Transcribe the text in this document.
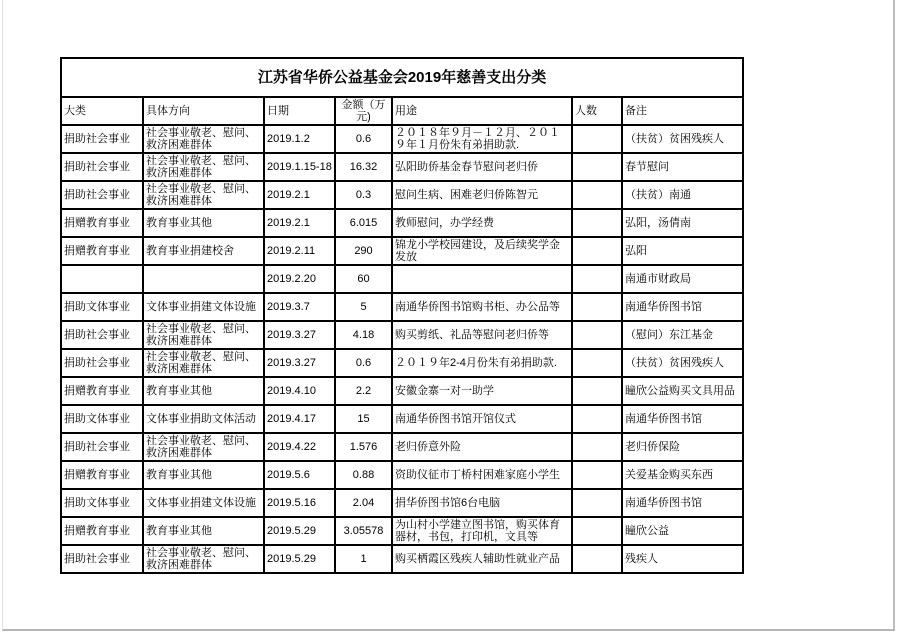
江苏省华侨公益基金会2019年慈善支出分类						
大类	具体方向	日期	金额（万元)	用途	人数	备注
捐助社会事业	社会事业敬老、慰问、救济困难群体	2019.1.2	0.6	２０１８年９月－１２月、２０１９年１月份朱有弟捐助款.		（扶贫）贫困残疾人
捐助社会事业	社会事业敬老、慰问、救济困难群体	2019.1.15-18	16.32	弘阳助侨基金春节慰问老归侨		春节慰问
捐助社会事业	社会事业敬老、慰问、救济困难群体	2019.2.1	0.3	慰问生病、困难老归侨陈智元		（扶贫）南通
捐赠教育事业	教育事业其他	2019.2.1	6.015	教师慰问，办学经费		弘阳，汤倩南
捐赠教育事业	教育事业捐建校舍	2019.2.11	290	锦龙小学校园建设，及后续奖学金发放		弘阳
		2019.2.20	60			南通市财政局
捐助文体事业	文体事业捐建文体设施	2019.3.7	5	南通华侨图书馆购书柜、办公品等		南通华侨图书馆
捐助社会事业	社会事业敬老、慰问、救济困难群体	2019.3.27	4.18	购买剪纸、礼品等慰问老归侨等		（慰问）东江基金
捐助社会事业	社会事业敬老、慰问、救济困难群体	2019.3.27	0.6	２０１９年2-4月份朱有弟捐助款.		（扶贫）贫困残疾人
捐赠教育事业	教育事业其他	2019.4.10	2.2	安徽金寨一对一助学		瞳欣公益购买文具用品
捐助文体事业	文体事业捐助文体活动	2019.4.17	15	南通华侨图书馆开馆仪式		南通华侨图书馆
捐助社会事业	社会事业敬老、慰问、救济困难群体	2019.4.22	1.576	老归侨意外险		老归侨保险
捐赠教育事业	教育事业其他	2019.5.6	0.88	资助仪征市丁桥村困难家庭小学生		关爱基金购买东西
捐助文体事业	文体事业捐建文体设施	2019.5.16	2.04	捐华侨图书馆6台电脑		南通华侨图书馆
捐赠教育事业	教育事业其他	2019.5.29	3.05578	为山村小学建立图书馆，购买体育器材，书包，打印机，文具等		瞳欣公益
捐助社会事业	社会事业敬老、慰问、救济困难群体	2019.5.29	1	购买栖霞区残疾人辅助性就业产品		残疾人
